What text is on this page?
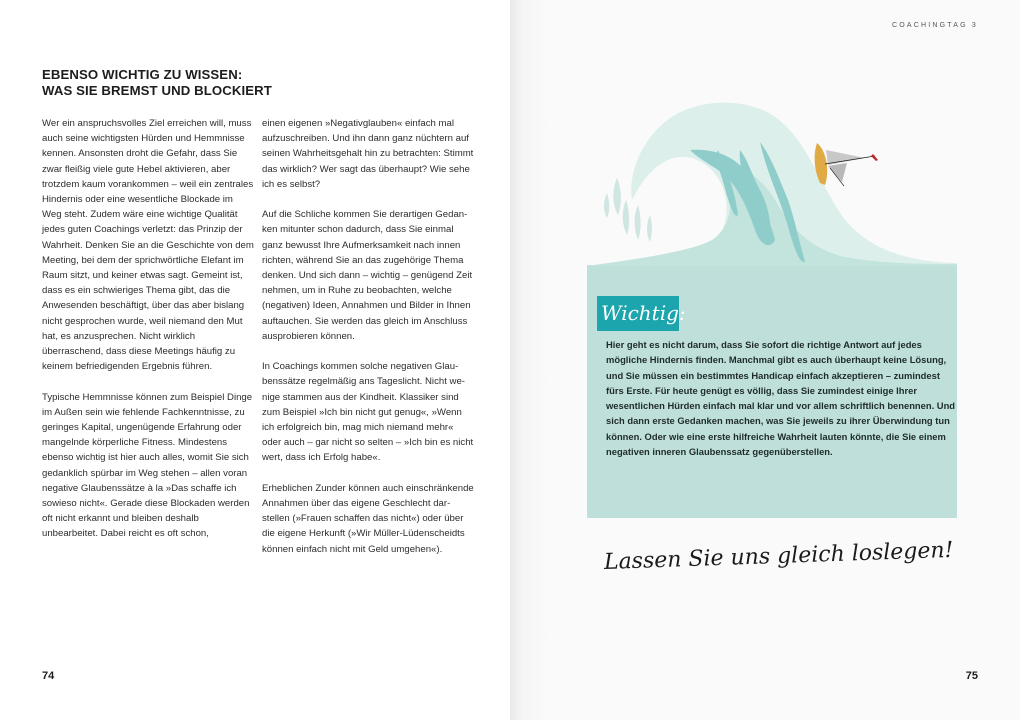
COACHINGTAG 3
EBENSO WICHTIG ZU WISSEN:
WAS SIE BREMST UND BLOCKIERT

Wer ein anspruchsvolles Ziel erreichen will, muss auch seine wichtigsten Hürden und Hemmnisse kennen. Ansonsten droht die Gefahr, dass Sie zwar fleißig viele gute Hebel aktivieren, aber trotzdem kaum vorankommen – weil ein zentrales Hindernis oder eine wesentliche Blockade im Weg steht. Zudem wäre eine wichtige Qualität jedes guten Coachings verletzt: das Prinzip der Wahrheit. Denken Sie an die Geschichte von dem Meeting, bei dem der sprichwörtliche Elefant im Raum sitzt, und keiner etwas sagt. Gemeint ist, dass es ein schwieriges Thema gibt, das die Anwesenden beschäftigt, über das aber bislang nicht gesprochen wurde, weil niemand den Mut hat, es anzusprechen. Nicht wirklich überraschend, dass diese Meetings häufig zu keinem befriedigenden Ergebnis führen.

Typische Hemmnisse können zum Beispiel Dinge im Außen sein wie fehlende Fachkenntnisse, zu geringes Kapital, ungenügende Erfahrung oder mangelnde körperliche Fitness. Mindestens ebenso wichtig ist hier auch alles, womit Sie sich gedanklich spürbar im Weg stehen – allen voran negative Glaubenssätze à la »Das schaffe ich sowieso nicht«. Gerade diese Blockaden werden oft nicht erkannt und bleiben deshalb unbearbeitet. Dabei reicht es oft schon,

einen eigenen »Negativglauben« einfach mal aufzuschreiben. Und ihn dann ganz nüchtern auf seinen Wahrheitsgehalt hin zu betrachten: Stimmt das wirklich? Wer sagt das überhaupt? Wie sehe ich es selbst?

Auf die Schliche kommen Sie derartigen Gedanken mitunter schon dadurch, dass Sie einmal ganz bewusst Ihre Aufmerksamkeit nach innen richten, während Sie an das zugehörige Thema denken. Und sich dann – wichtig – genügend Zeit nehmen, um in Ruhe zu beobachten, welche (negativen) Ideen, Annahmen und Bilder in Ihnen auftauchen. Sie werden das gleich im Anschluss ausprobieren können.

In Coachings kommen solche negativen Glaubenssätze regelmäßig ans Tageslicht. Nicht wenige stammen aus der Kindheit. Klassiker sind zum Beispiel »Ich bin nicht gut genug«, »Wenn ich erfolgreich bin, mag mich niemand mehr« oder auch – gar nicht so selten – »Ich bin es nicht wert, dass ich Erfolg habe«.

Erheblichen Zunder können auch einschränkende Annahmen über das eigene Geschlecht darstellen (»Frauen schaffen das nicht«) oder über die eigene Herkunft (»Wir Müller-Lüdenscheidts können einfach nicht mit Geld umgehen«).

Wichtig:
Hier geht es nicht darum, dass Sie sofort die richtige Antwort auf jedes mögliche Hindernis finden. Manchmal gibt es auch überhaupt keine Lösung, und Sie müssen ein bestimmtes Handicap einfach akzeptieren – zumindest fürs Erste. Für heute genügt es völlig, dass Sie zumindest einige Ihrer wesentlichen Hürden einfach mal klar und vor allem schriftlich benennen. Und sich dann erste Gedanken machen, was Sie jeweils zu ihrer Überwindung tun können. Oder wie eine erste hilfreiche Wahrheit lauten könnte, die Sie einem negativen inneren Glaubenssatz gegenüberstellen.
Lassen Sie uns gleich loslegen!
74	75
